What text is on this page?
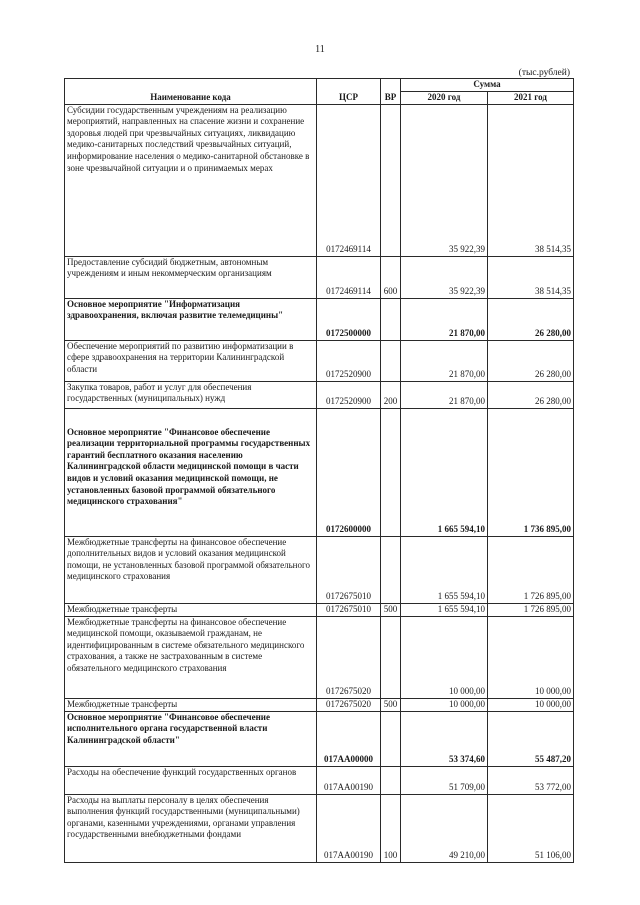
11
(тыс.рублей)
Наименование кода	ЦСР	ВР	Сумма	
			2020 год	2021 год
Субсидии государственным учреждениям на реализацию мероприятий, направленных на спасение жизни и сохранение здоровья людей при чрезвычайных ситуациях, ликвидацию медико-санитарных последствий чрезвычайных ситуаций, информирование населения о медико-санитарной обстановке в зоне чрезвычайной ситуации и о принимаемых мерах	0172469114		35 922,39	38 514,35
Предоставление субсидий бюджетным, автономным учреждениям и иным некоммерческим организациям	0172469114	600	35 922,39	38 514,35
Основное мероприятие "Информатизация здравоохранения, включая развитие телемедицины"	0172500000		21 870,00	26 280,00
Обеспечение мероприятий по развитию информатизации в сфере здравоохранения на территории Калининградской области	0172520900		21 870,00	26 280,00
Закупка товаров, работ и услуг для обеспечения государственных (муниципальных) нужд	0172520900	200	21 870,00	26 280,00
Основное мероприятие "Финансовое обеспечение реализации территориальной программы государственных гарантий бесплатного оказания населению Калининградской области медицинской помощи в части видов и условий оказания медицинской помощи, не установленных базовой программой обязательного медицинского страхования"	0172600000		1 665 594,10	1 736 895,00
Межбюджетные трансферты на финансовое обеспечение дополнительных видов и условий оказания медицинской помощи, не установленных базовой программой обязательного медицинского страхования	0172675010		1 655 594,10	1 726 895,00
Межбюджетные трансферты	0172675010	500	1 655 594,10	1 726 895,00
Межбюджетные трансферты на финансовое обеспечение медицинской помощи, оказываемой гражданам, не идентифицированным в системе обязательного медицинского страхования, а также не застрахованным в системе обязательного медицинского страхования	0172675020		10 000,00	10 000,00
Межбюджетные трансферты	0172675020	500	10 000,00	10 000,00
Основное мероприятие "Финансовое обеспечение исполнительного органа государственной власти Калининградской области"	017АА00000		53 374,60	55 487,20
Расходы на обеспечение функций государственных органов	017АА00190		51 709,00	53 772,00
Расходы на выплаты персоналу в целях обеспечения выполнения функций государственными (муниципальными) органами, казенными учреждениями, органами управления государственными внебюджетными фондами	017АА00190	100	49 210,00	51 106,00
